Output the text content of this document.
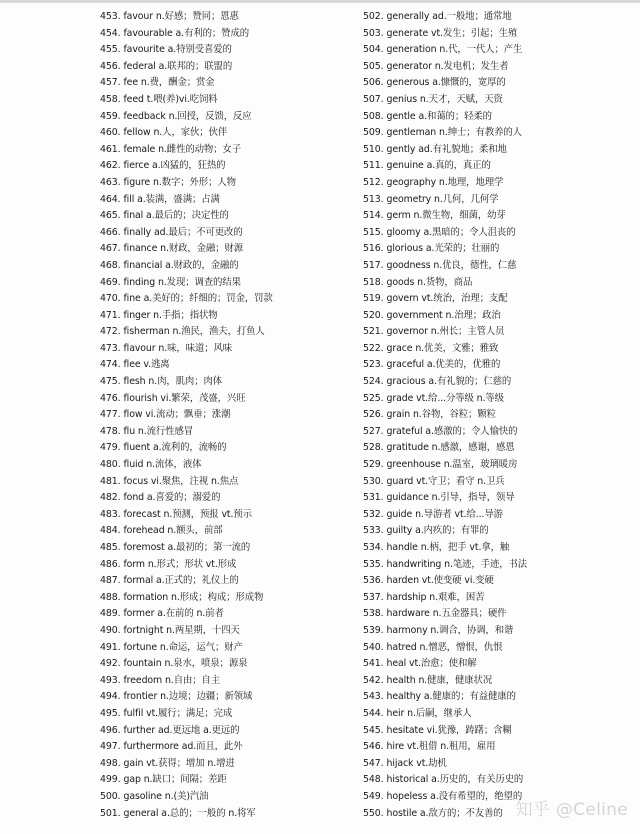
453. favour n.好感；赞同；恩惠
454. favourable a.有利的；赞成的
455. favourite a.特别受喜爱的
456. federal a.联邦的；联盟的
457. fee n.费，酬金；赏金
458. feed t.喂(养)vi.吃饲料
459. feedback n.回授，反馈，反应
460. fellow n.人，家伙；伙伴
461. female n.雌性的动物；女子
462. fierce a.凶猛的，狂热的
463. figure n.数字；外形；人物
464. fill a.装满，盛满；占满
465. final a.最后的；决定性的
466. finally ad.最后；不可更改的
467. finance n.财政，金融；财源
468. financial a.财政的，金融的
469. finding n.发现；调查的结果
470. fine a.美好的；纤细的；罚金，罚款
471. finger n.手指；指状物
472. fisherman n.渔民，渔夫，打鱼人
473. flavour n.味，味道；风味
474. flee v.逃离
475. flesh n.肉，肌肉；肉体
476. flourish vi.繁荣，茂盛，兴旺
477. flow vi.流动；飘垂；涨潮
478. flu n.流行性感冒
479. fluent a.流利的，流畅的
480. fluid n.流体，液体
481. focus vi.聚焦，注视 n.焦点
482. fond a.喜爱的；溺爱的
483. forecast n.预测，预报 vt.预示
484. forehead n.额头，前部
485. foremost a.最初的；第一流的
486. form n.形式；形状 vt.形成
487. formal a.正式的；礼仪上的
488. formation n.形成；构成；形成物
489. former a.在前的 n.前者
490. fortnight n.两星期，十四天
491. fortune n.命运，运气；财产
492. fountain n.泉水，喷泉；源泉
493. freedom n.自由；自主
494. frontier n.边境；边疆；新领域
495. fulfil vt.履行；满足；完成
496. further ad.更远地 a.更远的
497. furthermore ad.而且，此外
498. gain vt.获得；增加 n.增进
499. gap n.缺口；间隔；差距
500. gasoline n.(美)汽油
501. general a.总的；一般的 n.将军
502. generally ad.一般地；通常地
503. generate vt.发生；引起；生殖
504. generation n.代，一代人；产生
505. generator n.发电机；发生者
506. generous a.慷慨的，宽厚的
507. genius n.天才，天赋，天资
508. gentle a.和蔼的；轻柔的
509. gentleman n.绅士；有教养的人
510. gently ad.有礼貌地；柔和地
511. genuine a.真的，真正的
512. geography n.地理，地理学
513. geometry n.几何，几何学
514. germ n.微生物，细菌，幼芽
515. gloomy a.黑暗的；令人沮丧的
516. glorious a.光荣的；壮丽的
517. goodness n.优良，德性，仁慈
518. goods n.货物，商品
519. govern vt.统治，治理；支配
520. government n.治理；政治
521. governor n.州长；主管人员
522. grace n.优美，文雅；雅致
523. graceful a.优美的，优雅的
524. gracious a.有礼貌的；仁慈的
525. grade vt.给...分等级 n.等级
526. grain n.谷物，谷粒；颗粒
527. grateful a.感激的；令人愉快的
528. gratitude n.感激，感谢，感恩
529. greenhouse n.温室，玻璃暖房
530. guard vt.守卫；看守 n.卫兵
531. guidance n.引导，指导，领导
532. guide n.导游者 vt.给...导游
533. guilty a.内疚的；有罪的
534. handle n.柄，把手 vt.拿，触
535. handwriting n.笔迹，手迹，书法
536. harden vt.使变硬 vi.变硬
537. hardship n.艰难，困苦
538. hardware n.五金器具；硬件
539. harmony n.调合，协调，和谐
540. hatred n.憎恶，憎恨，仇恨
541. heal vt.治愈；使和解
542. health n.健康，健康状况
543. healthy a.健康的；有益健康的
544. heir n.后嗣，继承人
545. hesitate vi.犹豫，踌躇；含糊
546. hire vt.租借 n.租用，雇用
547. hijack vt.劫机
548. historical a.历史的，有关历史的
549. hopeless a.没有希望的，绝望的
550. hostile a.敌方的；不友善的 知乎 @Celine
